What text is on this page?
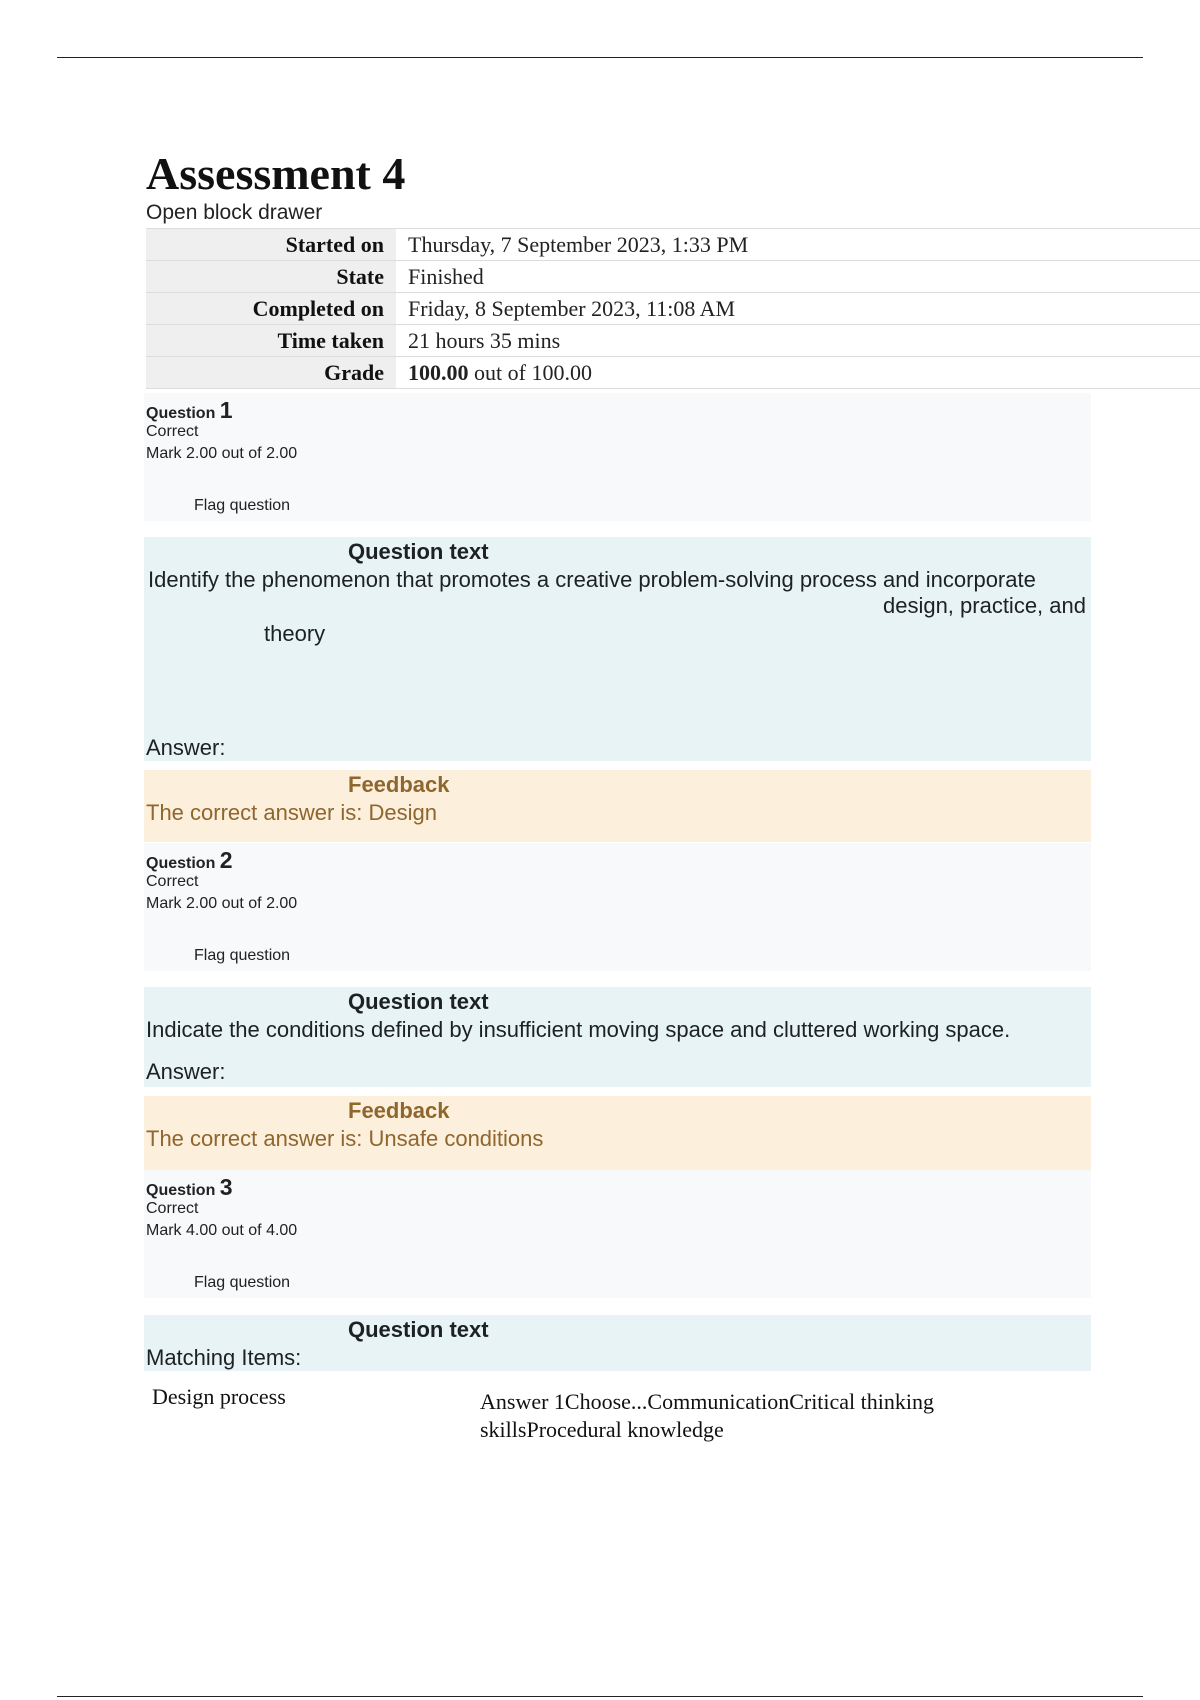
Assessment 4
Open block drawer
Started on	Thursday, 7 September 2023, 1:33 PM
State	Finished
Completed on	Friday, 8 September 2023, 11:08 AM
Time taken	21 hours 35 mins
Grade	100.00 out of 100.00
Question 1
Correct
Mark 2.00 out of 2.00
Flag question
Question text
Identify the phenomenon that promotes a creative problem-solving process and incorporate
design, practice, and
theory
Answer:
Feedback
The correct answer is: Design
Question 2
Correct
Mark 2.00 out of 2.00
Flag question
Question text
Indicate the conditions defined by insufficient moving space and cluttered working space.
Answer:
Feedback
The correct answer is: Unsafe conditions
Question 3
Correct
Mark 4.00 out of 4.00
Flag question
Question text
Matching Items:
Design process	Answer 1Choose...CommunicationCritical thinking
skillsProcedural knowledge
